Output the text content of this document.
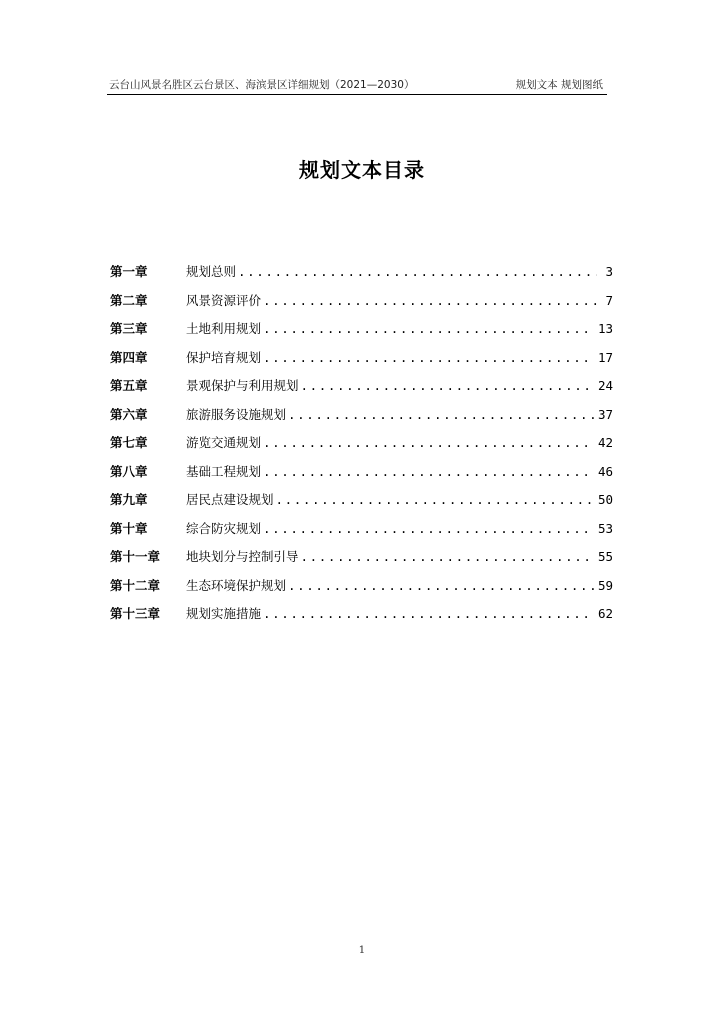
云台山风景名胜区云台景区、海滨景区详细规划（2021—2030）	规划文本 规划图纸
规划文本目录
第一章	规划总则 .....	3
第二章	风景资源评价 .....	7
第三章	土地利用规划 .....	13
第四章	保护培育规划 .....	17
第五章	景观保护与利用规划 .....	24
第六章	旅游服务设施规划 .....	37
第七章	游览交通规划 .....	42
第八章	基础工程规划 .....	46
第九章	居民点建设规划 .....	50
第十章	综合防灾规划 .....	53
第十一章	地块划分与控制引导 .....	55
第十二章	生态环境保护规划 .....	59
第十三章	规划实施措施 .....	62
1
